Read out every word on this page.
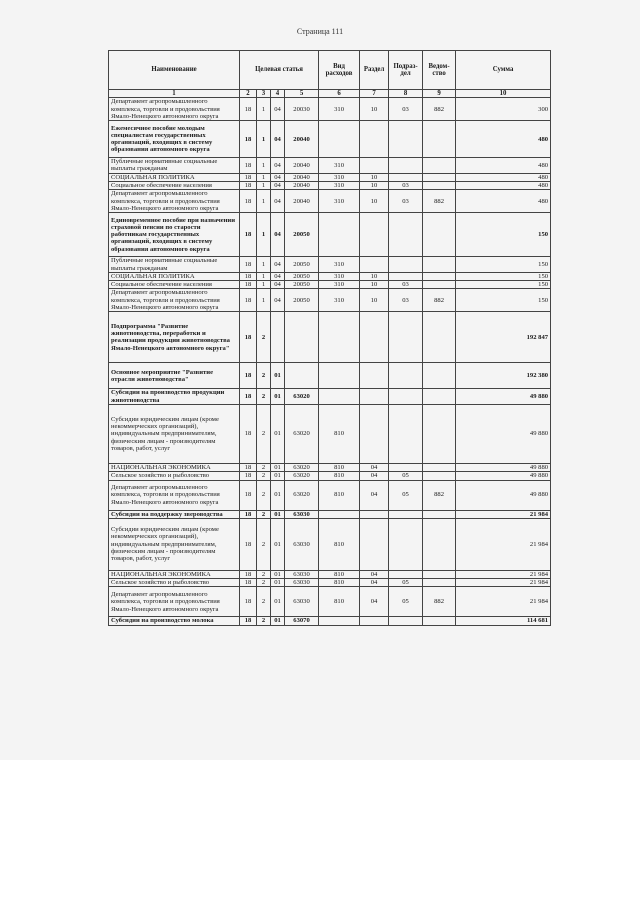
Страница 111
Наименование	Целевая статья				Вид расходов	Раздел	Подраз-дел	Ведом-ство	Сумма
1	2	3	4	5	6	7	8	9	10
Департамент агропромышленного комплекса, торговли и продовольствия Ямало-Ненецкого автономного округа	18	1	04	20030	310	10	03	882	300
Ежемесячное пособие молодым специалистам государственных организаций, входящих в систему образования автономного округа	18	1	04	20040					480
Публичные нормативные социальные выплаты гражданам	18	1	04	20040	310				480
СОЦИАЛЬНАЯ ПОЛИТИКА	18	1	04	20040	310	10			480
Социальное обеспечение населения	18	1	04	20040	310	10	03		480
Департамент агропромышленного комплекса, торговли и продовольствия Ямало-Ненецкого автономного округа	18	1	04	20040	310	10	03	882	480
Единовременное пособие при назначении страховой пенсии по старости работникам государственных организаций, входящих в систему образования автономного округа	18	1	04	20050					150
Публичные нормативные социальные выплаты гражданам	18	1	04	20050	310				150
СОЦИАЛЬНАЯ ПОЛИТИКА	18	1	04	20050	310	10			150
Социальное обеспечение населения	18	1	04	20050	310	10	03		150
Департамент агропромышленного комплекса, торговли и продовольствия Ямало-Ненецкого автономного округа	18	1	04	20050	310	10	03	882	150
Подпрограмма "Развитие животноводства, переработки и реализации продукции животноводства Ямало-Ненецкого автономного округа"	18	2							192 847
Основное мероприятие "Развитие отрасли животноводства"	18	2	01						192 380
Субсидии на производство продукции животноводства	18	2	01	63020					49 880
Субсидии юридическим лицам (кроме некоммерческих организаций), индивидуальным предпринимателям, физическим лицам - производителям товаров, работ, услуг	18	2	01	63020	810				49 880
НАЦИОНАЛЬНАЯ ЭКОНОМИКА	18	2	01	63020	810	04			49 880
Сельское хозяйство и рыболовство	18	2	01	63020	810	04	05		49 880
Департамент агропромышленного комплекса, торговли и продовольствия Ямало-Ненецкого автономного округа	18	2	01	63020	810	04	05	882	49 880
Субсидии на поддержку звероводства	18	2	01	63030					21 984
Субсидии юридическим лицам (кроме некоммерческих организаций), индивидуальным предпринимателям, физическим лицам - производителям товаров, работ, услуг	18	2	01	63030	810				21 984
НАЦИОНАЛЬНАЯ ЭКОНОМИКА	18	2	01	63030	810	04			21 984
Сельское хозяйство и рыболовство	18	2	01	63030	810	04	05		21 984
Департамент агропромышленного комплекса, торговли и продовольствия Ямало-Ненецкого автономного округа	18	2	01	63030	810	04	05	882	21 984
Субсидии на производство молока	18	2	01	63070					114 681
